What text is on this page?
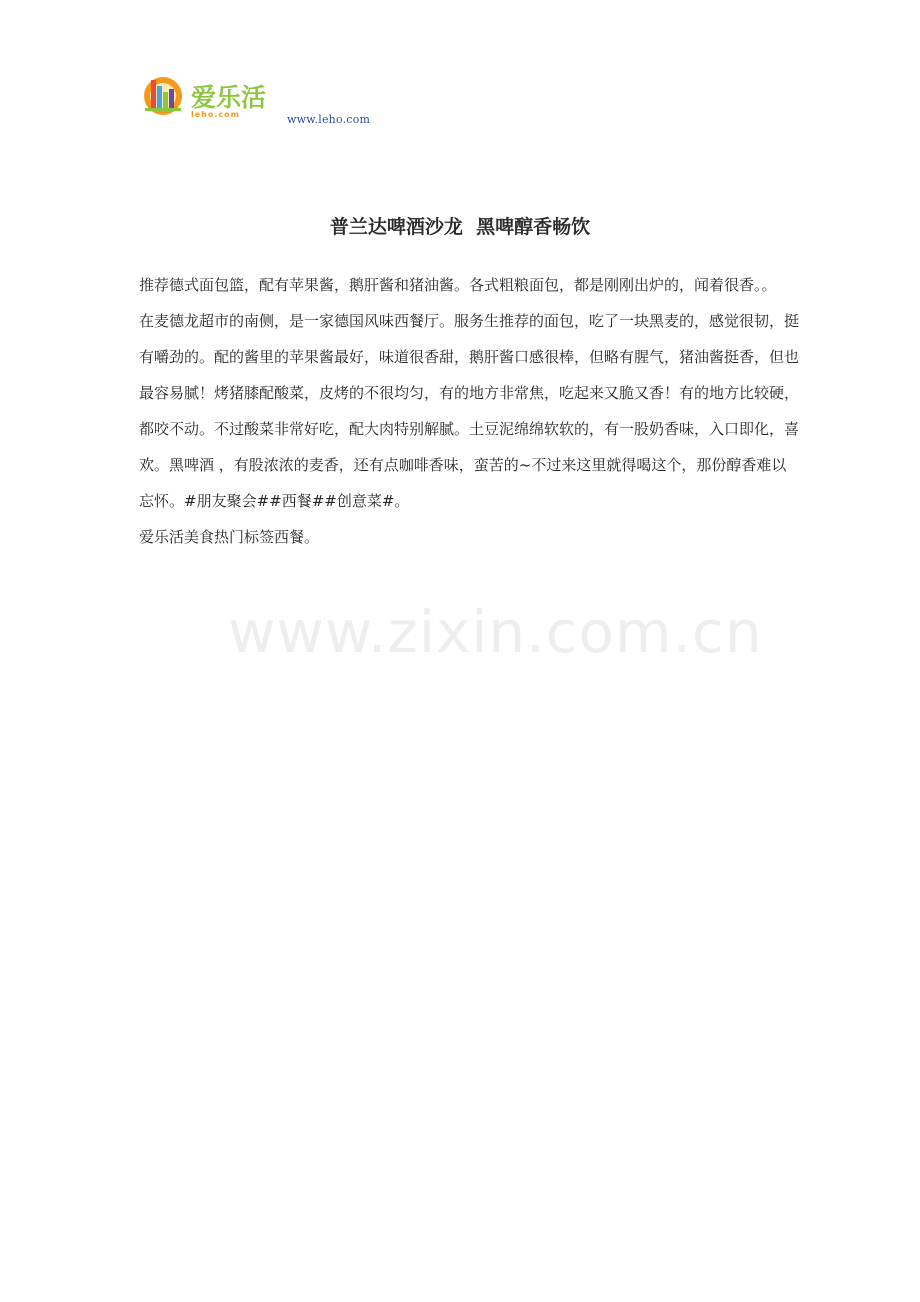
爱乐活
leho.com	www.leho.com
普兰达啤酒沙龙  黑啤醇香畅饮

推荐德式面包篮，配有苹果酱，鹅肝酱和猪油酱。各式粗粮面包，都是刚刚出炉的，闻着很香。。

在麦德龙超市的南侧，是一家德国风味西餐厅。服务生推荐的面包，吃了一块黑麦的，感觉很韧，挺有嚼劲的。配的酱里的苹果酱最好，味道很香甜，鹅肝酱口感很棒，但略有腥气，猪油酱挺香，但也最容易腻！烤猪膝配酸菜，皮烤的不很均匀，有的地方非常焦，吃起来又脆又香！有的地方比较硬，都咬不动。不过酸菜非常好吃，配大肉特别解腻。土豆泥绵绵软软的，有一股奶香味，入口即化，喜欢。黑啤酒 ，有股浓浓的麦香，还有点咖啡香味，蛮苦的~不过来这里就得喝这个，那份醇香难以忘怀。#朋友聚会##西餐##创意菜#。

爱乐活美食热门标签西餐。

www.zixin.com.cn
